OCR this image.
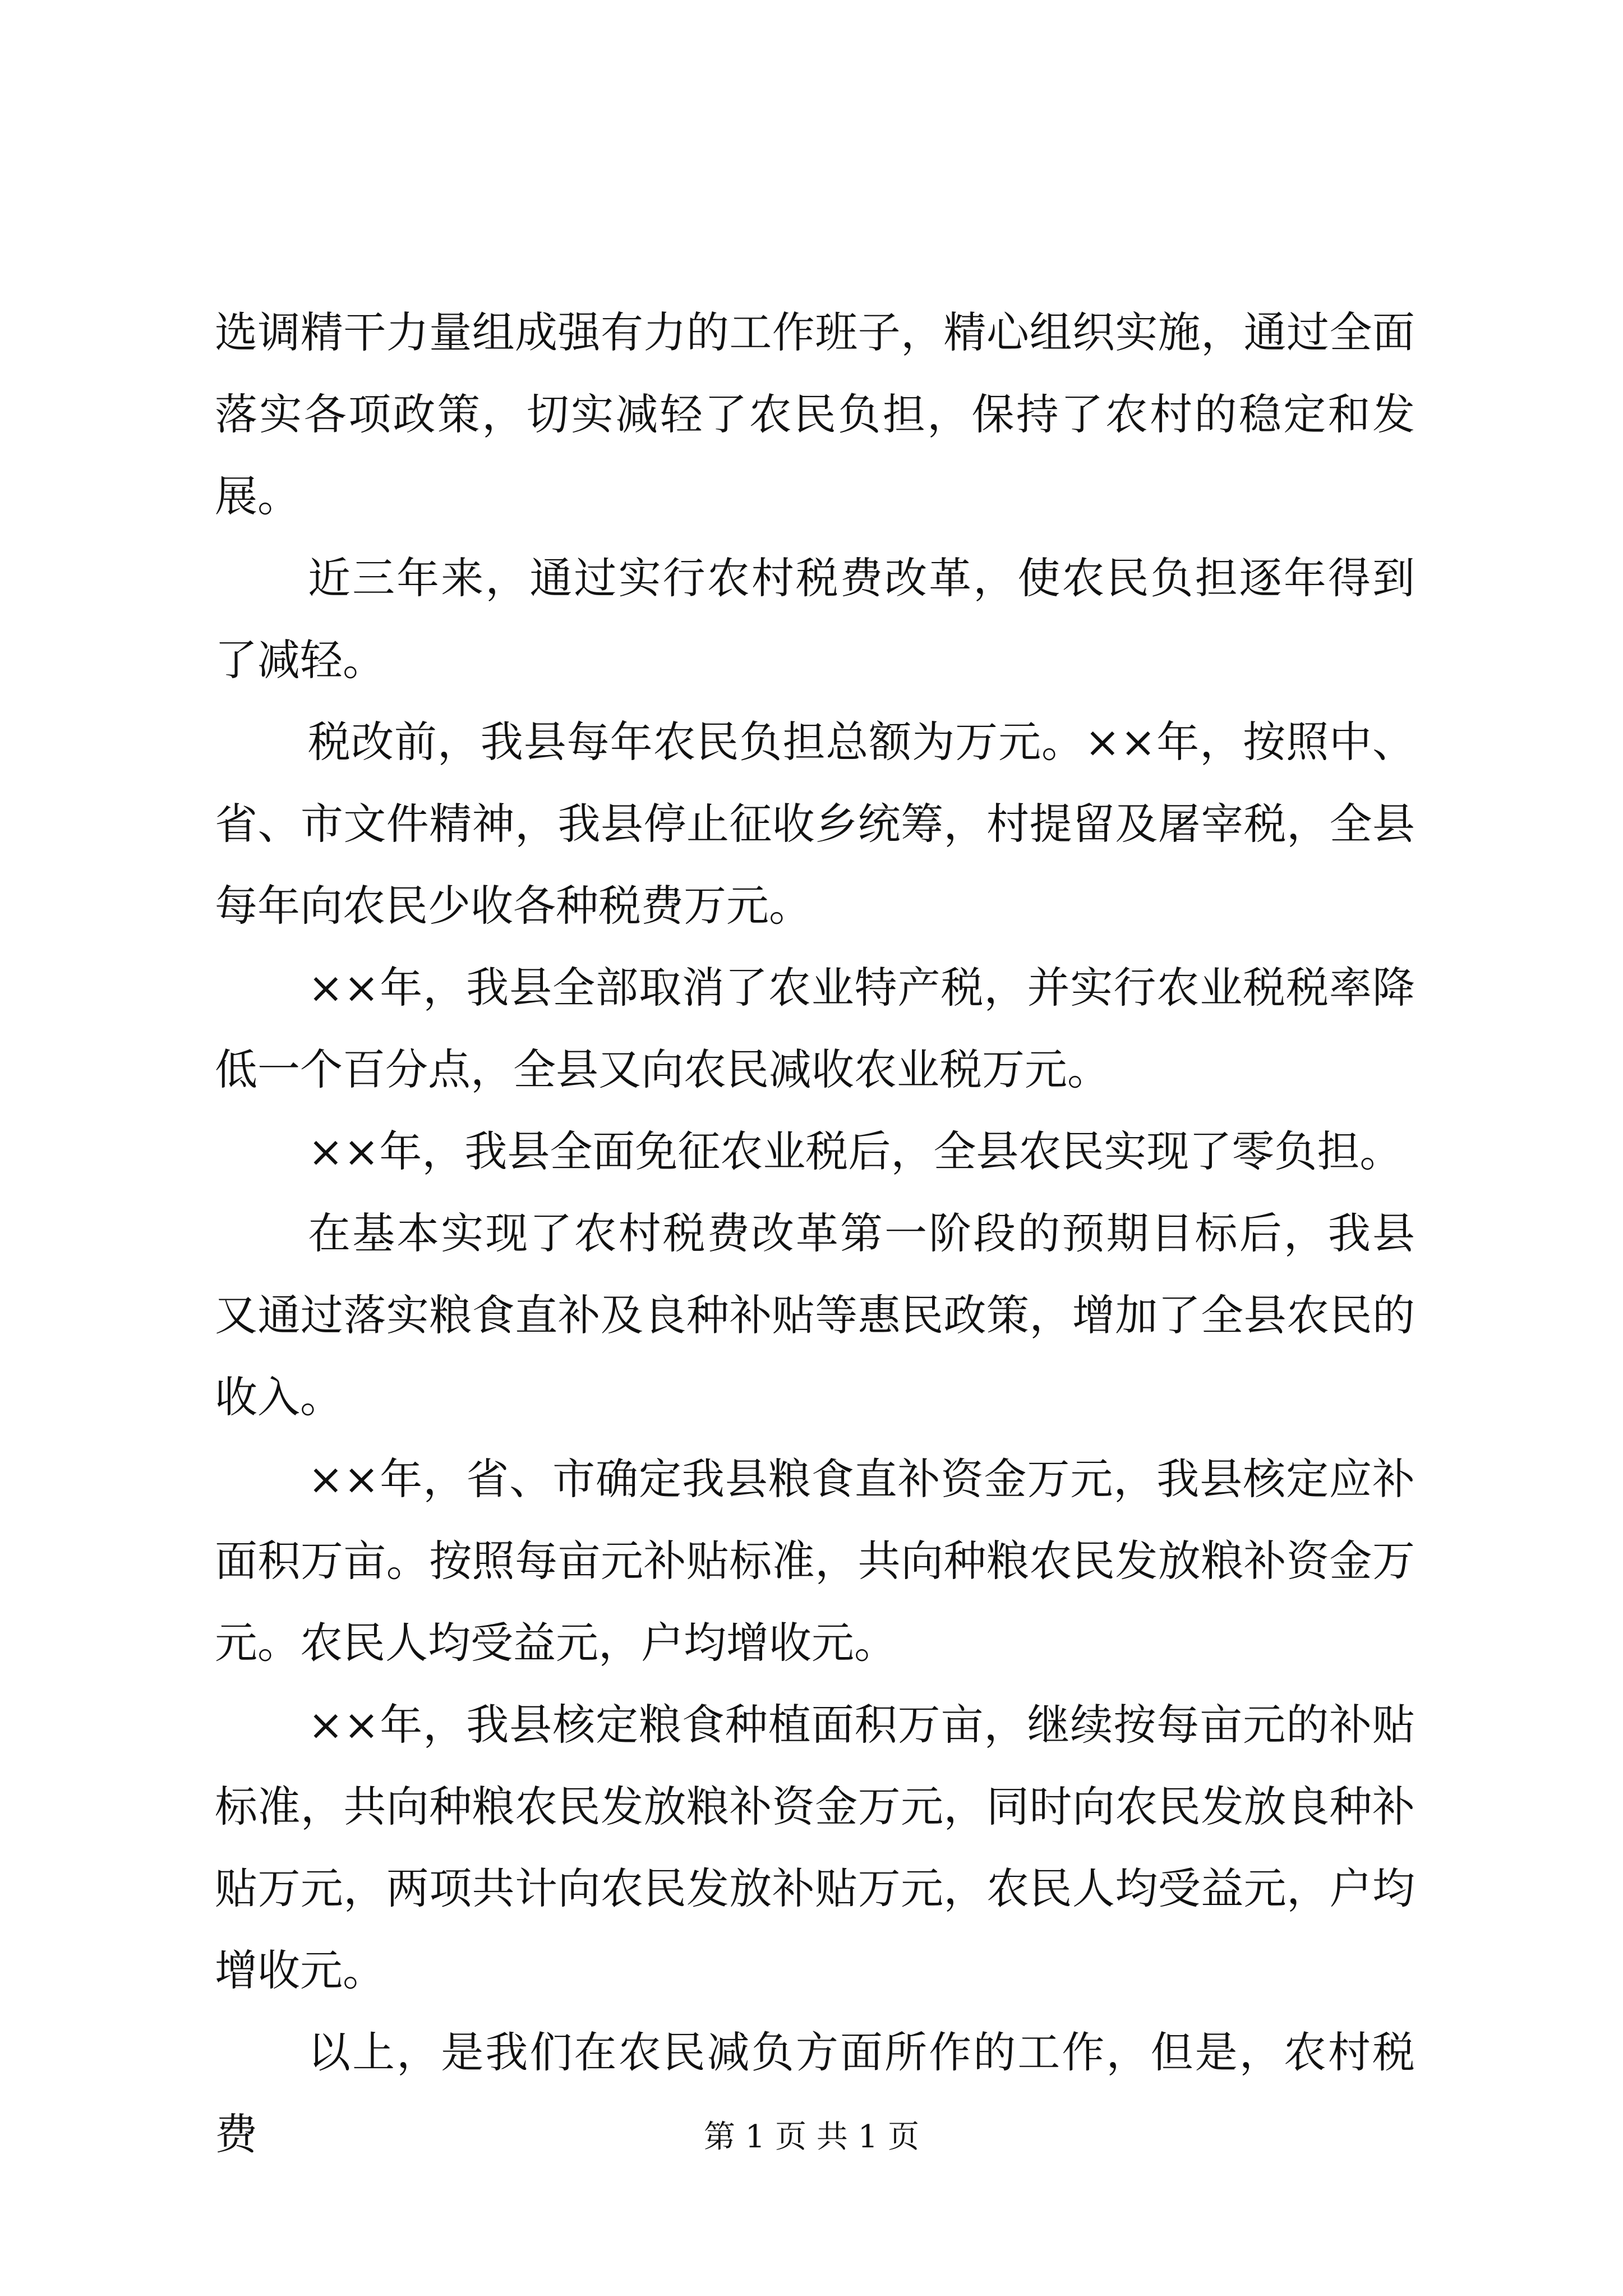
选调精干力量组成强有力的工作班子，精心组织实施，通过全面落实各项政策，切实减轻了农民负担，保持了农村的稳定和发展。

近三年来，通过实行农村税费改革，使农民负担逐年得到了减轻。

税改前，我县每年农民负担总额为万元。××年，按照中、省、市文件精神，我县停止征收乡统筹，村提留及屠宰税，全县每年向农民少收各种税费万元。

××年，我县全部取消了农业特产税，并实行农业税税率降低一个百分点，全县又向农民减收农业税万元。

××年，我县全面免征农业税后，全县农民实现了零负担。

在基本实现了农村税费改革第一阶段的预期目标后，我县又通过落实粮食直补及良种补贴等惠民政策，增加了全县农民的收入。

××年，省、市确定我县粮食直补资金万元，我县核定应补面积万亩。按照每亩元补贴标准，共向种粮农民发放粮补资金万元。农民人均受益元，户均增收元。

××年，我县核定粮食种植面积万亩，继续按每亩元的补贴标准，共向种粮农民发放粮补资金万元，同时向农民发放良种补贴万元，两项共计向农民发放补贴万元，农民人均受益元，户均增收元。

以上，是我们在农民减负方面所作的工作，但是，农村税费	第 1 页 共 1 页
